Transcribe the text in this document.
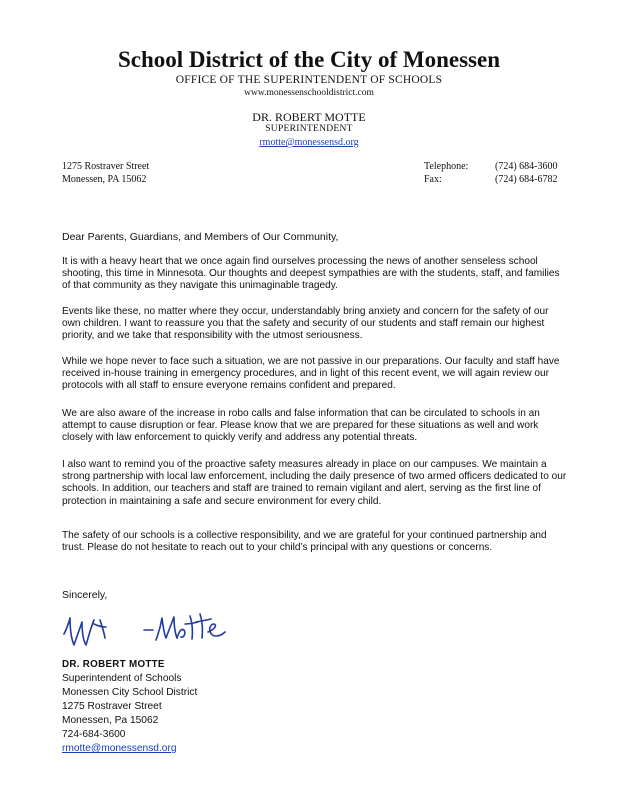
School District of the City of Monessen
OFFICE OF THE SUPERINTENDENT OF SCHOOLS
www.monessenschooldistrict.com
DR. ROBERT MOTTE
SUPERINTENDENT
rmotte@monessensd.org
1275 Rostraver Street
Monessen, PA 15062
Telephone:	(724) 684-3600
Fax:	(724) 684-6782
Dear Parents, Guardians, and Members of Our Community,
It is with a heavy heart that we once again find ourselves processing the news of another senseless school shooting, this time in Minnesota. Our thoughts and deepest sympathies are with the students, staff, and families of that community as they navigate this unimaginable tragedy.
Events like these, no matter where they occur, understandably bring anxiety and concern for the safety of our own children. I want to reassure you that the safety and security of our students and staff remain our highest priority, and we take that responsibility with the utmost seriousness.
While we hope never to face such a situation, we are not passive in our preparations. Our faculty and staff have received in-house training in emergency procedures, and in light of this recent event, we will again review our protocols with all staff to ensure everyone remains confident and prepared.
We are also aware of the increase in robo calls and false information that can be circulated to schools in an attempt to cause disruption or fear. Please know that we are prepared for these situations as well and work closely with law enforcement to quickly verify and address any potential threats.
I also want to remind you of the proactive safety measures already in place on our campuses. We maintain a strong partnership with local law enforcement, including the daily presence of two armed officers dedicated to our schools. In addition, our teachers and staff are trained to remain vigilant and alert, serving as the first line of protection in maintaining a safe and secure environment for every child.
The safety of our schools is a collective responsibility, and we are grateful for your continued partnership and trust. Please do not hesitate to reach out to your child’s principal with any questions or concerns.
Sincerely,
DR. ROBERT MOTTE
Superintendent of Schools
Monessen City School District
1275 Rostraver Street
Monessen, Pa 15062
724-684-3600
rmotte@monessensd.org
